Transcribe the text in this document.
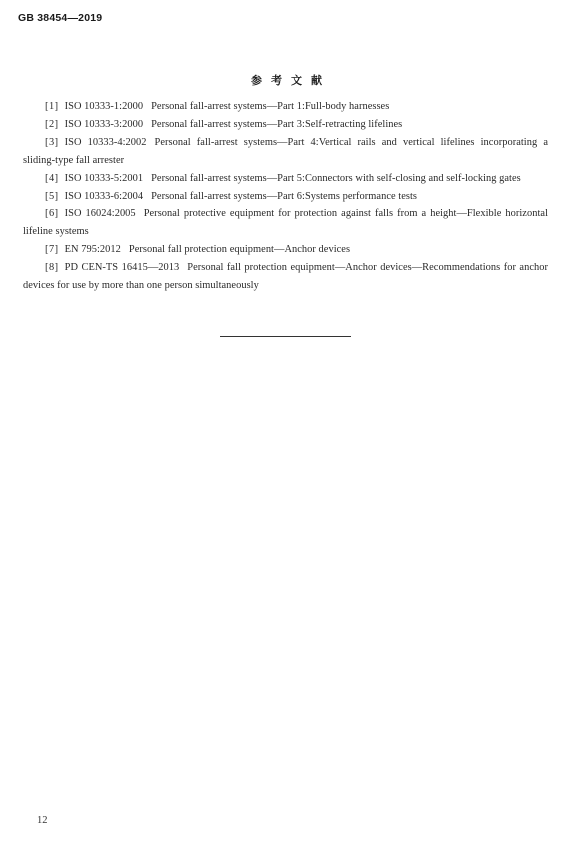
GB 38454—2019
参考文献

[1] ISO 10333-1:2000 Personal fall-arrest systems—Part 1:Full-body harnesses

[2] ISO 10333-3:2000 Personal fall-arrest systems—Part 3:Self-retracting lifelines

[3] ISO 10333-4:2002 Personal fall-arrest systems—Part 4:Vertical rails and vertical lifelines incorporating a sliding-type fall arrester

[4] ISO 10333-5:2001 Personal fall-arrest systems—Part 5:Connectors with self-closing and self-locking gates

[5] ISO 10333-6:2004 Personal fall-arrest systems—Part 6:Systems performance tests

[6] ISO 16024:2005 Personal protective equipment for protection against falls from a height—Flexible horizontal lifeline systems

[7] EN 795:2012 Personal fall protection equipment—Anchor devices

[8] PD CEN-TS 16415—2013 Personal fall protection equipment—Anchor devices—Recommendations for anchor devices for use by more than one person simultaneously

12
